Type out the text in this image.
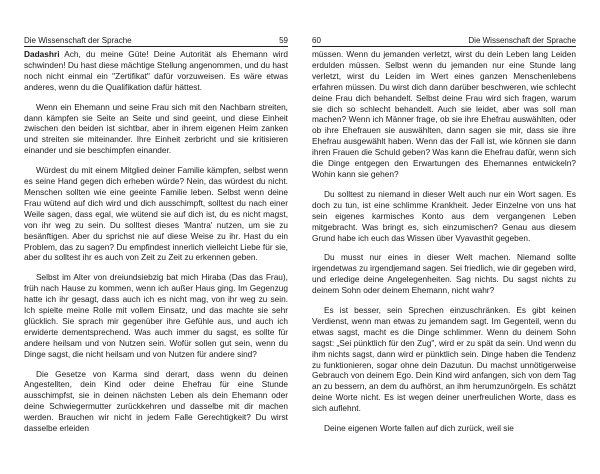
Die Wissenschaft der Sprache	59

Dadashri Ach, du meine Güte! Deine Autorität als Ehemann wird schwinden! Du hast diese mächtige Stellung angenommen, und du hast noch nicht einmal ein "Zertifikat" dafür vorzuweisen. Es wäre etwas anderes, wenn du die Qualifikation dafür hättest.

Wenn ein Ehemann und seine Frau sich mit den Nachbarn streiten, dann kämpfen sie Seite an Seite und sind geeint, und diese Einheit zwischen den beiden ist sichtbar, aber in ihrem eigenen Heim zanken und streiten sie miteinander. Ihre Einheit zerbricht und sie kritisieren einander und sie beschimpfen einander.

Würdest du mit einem Mitglied deiner Familie kämpfen, selbst wenn es seine Hand gegen dich erheben würde? Nein, das würdest du nicht. Menschen sollten wie eine geeinte Familie leben. Selbst wenn deine Frau wütend auf dich wird und dich ausschimpft, solltest du nach einer Weile sagen, dass egal, wie wütend sie auf dich ist, du es nicht magst, von ihr weg zu sein. Du solltest dieses 'Mantra' nutzen, um sie zu besänftigen. Aber du sprichst nie auf diese Weise zu ihr. Hast du ein Problem, das zu sagen? Du empfindest innerlich vielleicht Liebe für sie, aber du solltest ihr es auch von Zeit zu Zeit zu erkennen geben.

Selbst im Alter von dreiundsiebzig bat mich Hiraba (Das das Frau), früh nach Hause zu kommen, wenn ich außer Haus ging. Im Gegenzug hatte ich ihr gesagt, dass auch ich es nicht mag, von ihr weg zu sein. Ich spielte meine Rolle mit vollem Einsatz, und das machte sie sehr glücklich. Sie sprach mir gegenüber ihre Gefühle aus, und auch ich erwiderte dementsprechend. Was auch immer du sagst, es sollte für andere heilsam und von Nutzen sein. Wofür sollen gut sein, wenn du Dinge sagst, die nicht heilsam und von Nutzen für andere sind?

Die Gesetze von Karma sind derart, dass wenn du deinen Angestellten, dein Kind oder deine Ehefrau für eine Stunde ausschimpfst, sie in deinen nächsten Leben als dein Ehemann oder deine Schwiegermutter zurückkehren und dasselbe mit dir machen werden. Brauchen wir nicht in jedem Falle Gerechtigkeit? Du wirst dasselbe erleiden

60	Die Wissenschaft der Sprache

müssen. Wenn du jemanden verletzt, wirst du dein Leben lang Leiden erdulden müssen. Selbst wenn du jemanden nur eine Stunde lang verletzt, wirst du Leiden im Wert eines ganzen Menschenlebens erfahren müssen. Du wirst dich dann darüber beschweren, wie schlecht deine Frau dich behandelt. Selbst deine Frau wird sich fragen, warum sie dich so schlecht behandelt. Auch sie leidet, aber was soll man machen? Wenn ich Männer frage, ob sie ihre Ehefrau auswählten, oder ob ihre Ehefrauen sie auswählten, dann sagen sie mir, dass sie ihre Ehefrau ausgewählt haben. Wenn das der Fall ist, wie können sie dann ihren Frauen die Schuld geben? Was kann die Ehefrau dafür, wenn sich die Dinge entgegen den Erwartungen des Ehemannes entwickeln? Wohin kann sie gehen?

Du solltest zu niemand in dieser Welt auch nur ein Wort sagen. Es doch zu tun, ist eine schlimme Krankheit. Jeder Einzelne von uns hat sein eigenes karmisches Konto aus dem vergangenen Leben mitgebracht. Was bringt es, sich einzumischen? Genau aus diesem Grund habe ich euch das Wissen über Vyavasthit gegeben.

Du musst nur eines in dieser Welt machen. Niemand sollte irgendetwas zu irgendjemand sagen. Sei friedlich, wie dir gegeben wird, und erledige deine Angelegenheiten. Sag nichts. Du sagst nichts zu deinem Sohn oder deinem Ehemann, nicht wahr?

Es ist besser, sein Sprechen einzuschränken. Es gibt keinen Verdienst, wenn man etwas zu jemandem sagt. Im Gegenteil, wenn du etwas sagst, macht es die Dinge schlimmer. Wenn du deinem Sohn sagst: „Sei pünktlich für den Zug", wird er zu spät da sein. Und wenn du ihm nichts sagst, dann wird er pünktlich sein. Dinge haben die Tendenz zu funktionieren, sogar ohne dein Dazutun. Du machst unnötigerweise Gebrauch von deinem Ego. Dein Kind wird anfangen, sich von dem Tag an zu bessern, an dem du aufhörst, an ihm herumzunörgeln. Es schätzt deine Worte nicht. Es ist wegen deiner unerfreulichen Worte, dass es sich auflehnt.

Deine eigenen Worte fallen auf dich zurück, weil sie
